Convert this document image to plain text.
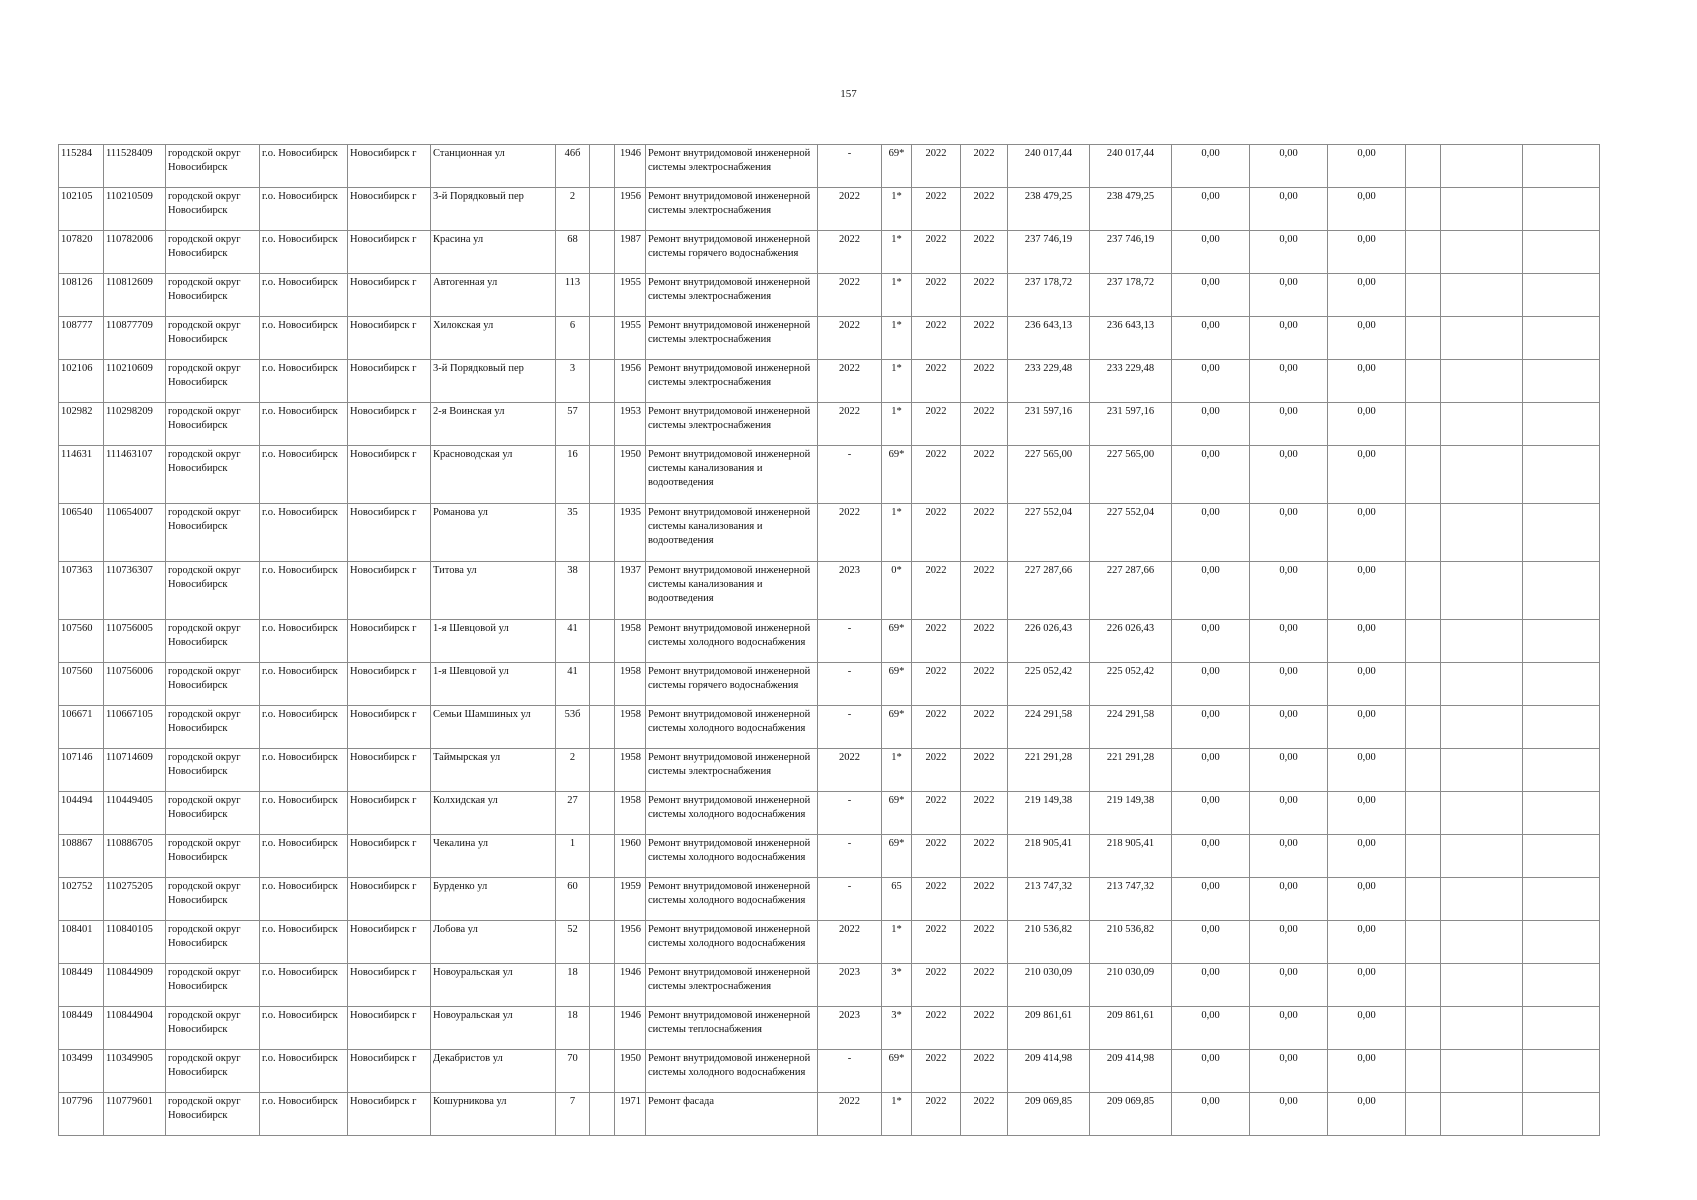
157
115284	111528409	городской округ Новосибирск	г.о. Новосибирск	Новосибирск г	Станционная ул	46б		1946	Ремонт внутридомовой инженерной системы электроснабжения	-	69*	2022	2022	240 017,44	240 017,44	0,00	0,00	0,00			
102105	110210509	городской округ Новосибирск	г.о. Новосибирск	Новосибирск г	3-й Порядковый пер	2		1956	Ремонт внутридомовой инженерной системы электроснабжения	2022	1*	2022	2022	238 479,25	238 479,25	0,00	0,00	0,00			
107820	110782006	городской округ Новосибирск	г.о. Новосибирск	Новосибирск г	Красина ул	68		1987	Ремонт внутридомовой инженерной системы горячего водоснабжения	2022	1*	2022	2022	237 746,19	237 746,19	0,00	0,00	0,00			
108126	110812609	городской округ Новосибирск	г.о. Новосибирск	Новосибирск г	Автогенная ул	113		1955	Ремонт внутридомовой инженерной системы электроснабжения	2022	1*	2022	2022	237 178,72	237 178,72	0,00	0,00	0,00			
108777	110877709	городской округ Новосибирск	г.о. Новосибирск	Новосибирск г	Хилокская ул	6		1955	Ремонт внутридомовой инженерной системы электроснабжения	2022	1*	2022	2022	236 643,13	236 643,13	0,00	0,00	0,00			
102106	110210609	городской округ Новосибирск	г.о. Новосибирск	Новосибирск г	3-й Порядковый пер	3		1956	Ремонт внутридомовой инженерной системы электроснабжения	2022	1*	2022	2022	233 229,48	233 229,48	0,00	0,00	0,00			
102982	110298209	городской округ Новосибирск	г.о. Новосибирск	Новосибирск г	2-я Воинская ул	57		1953	Ремонт внутридомовой инженерной системы электроснабжения	2022	1*	2022	2022	231 597,16	231 597,16	0,00	0,00	0,00			
114631	111463107	городской округ Новосибирск	г.о. Новосибирск	Новосибирск г	Красноводская ул	16		1950	Ремонт внутридомовой инженерной системы канализования и водоотведения	-	69*	2022	2022	227 565,00	227 565,00	0,00	0,00	0,00			
106540	110654007	городской округ Новосибирск	г.о. Новосибирск	Новосибирск г	Романова ул	35		1935	Ремонт внутридомовой инженерной системы канализования и водоотведения	2022	1*	2022	2022	227 552,04	227 552,04	0,00	0,00	0,00			
107363	110736307	городской округ Новосибирск	г.о. Новосибирск	Новосибирск г	Титова ул	38		1937	Ремонт внутридомовой инженерной системы канализования и водоотведения	2023	0*	2022	2022	227 287,66	227 287,66	0,00	0,00	0,00			
107560	110756005	городской округ Новосибирск	г.о. Новосибирск	Новосибирск г	1-я Шевцовой ул	41		1958	Ремонт внутридомовой инженерной системы холодного водоснабжения	-	69*	2022	2022	226 026,43	226 026,43	0,00	0,00	0,00			
107560	110756006	городской округ Новосибирск	г.о. Новосибирск	Новосибирск г	1-я Шевцовой ул	41		1958	Ремонт внутридомовой инженерной системы горячего водоснабжения	-	69*	2022	2022	225 052,42	225 052,42	0,00	0,00	0,00			
106671	110667105	городской округ Новосибирск	г.о. Новосибирск	Новосибирск г	Семьи Шамшиных ул	53б		1958	Ремонт внутридомовой инженерной системы холодного водоснабжения	-	69*	2022	2022	224 291,58	224 291,58	0,00	0,00	0,00			
107146	110714609	городской округ Новосибирск	г.о. Новосибирск	Новосибирск г	Таймырская ул	2		1958	Ремонт внутридомовой инженерной системы электроснабжения	2022	1*	2022	2022	221 291,28	221 291,28	0,00	0,00	0,00			
104494	110449405	городской округ Новосибирск	г.о. Новосибирск	Новосибирск г	Колхидская ул	27		1958	Ремонт внутридомовой инженерной системы холодного водоснабжения	-	69*	2022	2022	219 149,38	219 149,38	0,00	0,00	0,00			
108867	110886705	городской округ Новосибирск	г.о. Новосибирск	Новосибирск г	Чекалина ул	1		1960	Ремонт внутридомовой инженерной системы холодного водоснабжения	-	69*	2022	2022	218 905,41	218 905,41	0,00	0,00	0,00			
102752	110275205	городской округ Новосибирск	г.о. Новосибирск	Новосибирск г	Бурденко ул	60		1959	Ремонт внутридомовой инженерной системы холодного водоснабжения	-	65	2022	2022	213 747,32	213 747,32	0,00	0,00	0,00			
108401	110840105	городской округ Новосибирск	г.о. Новосибирск	Новосибирск г	Лобова ул	52		1956	Ремонт внутридомовой инженерной системы холодного водоснабжения	2022	1*	2022	2022	210 536,82	210 536,82	0,00	0,00	0,00			
108449	110844909	городской округ Новосибирск	г.о. Новосибирск	Новосибирск г	Новоуральская ул	18		1946	Ремонт внутридомовой инженерной системы электроснабжения	2023	3*	2022	2022	210 030,09	210 030,09	0,00	0,00	0,00			
108449	110844904	городской округ Новосибирск	г.о. Новосибирск	Новосибирск г	Новоуральская ул	18		1946	Ремонт внутридомовой инженерной системы теплоснабжения	2023	3*	2022	2022	209 861,61	209 861,61	0,00	0,00	0,00			
103499	110349905	городской округ Новосибирск	г.о. Новосибирск	Новосибирск г	Декабристов ул	70		1950	Ремонт внутридомовой инженерной системы холодного водоснабжения	-	69*	2022	2022	209 414,98	209 414,98	0,00	0,00	0,00			
107796	110779601	городской округ Новосибирск	г.о. Новосибирск	Новосибирск г	Кошурникова ул	7		1971	Ремонт фасада	2022	1*	2022	2022	209 069,85	209 069,85	0,00	0,00	0,00			
